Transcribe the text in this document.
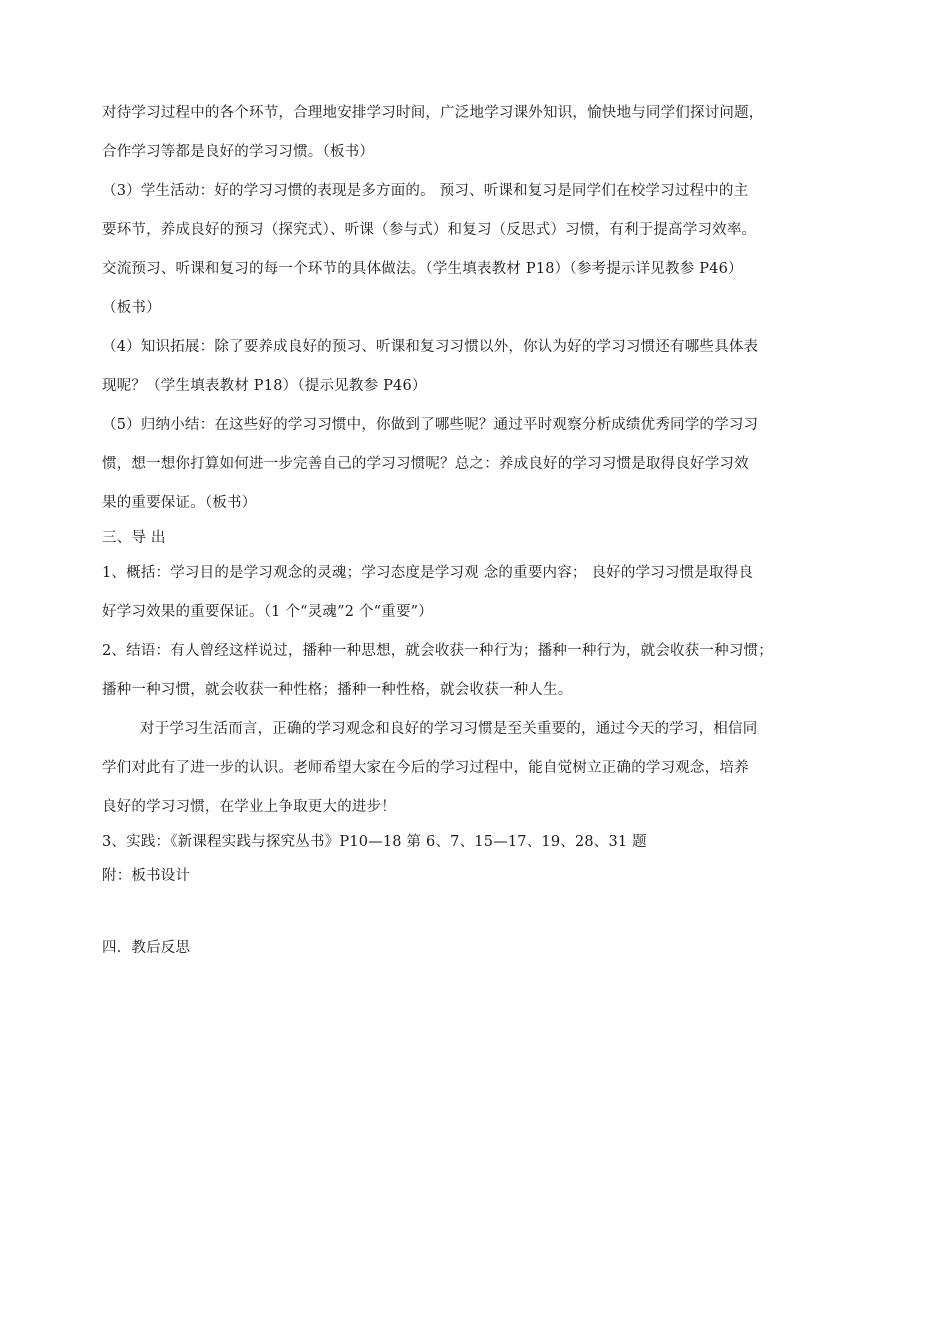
对待学习过程中的各个环节，合理地安排学习时间，广泛地学习课外知识，愉快地与同学们探讨问题，
合作学习等都是良好的学习习惯。（板书）
（3）学生活动：好的学习习惯的表现是多方面的。 预习、听课和复习是同学们在校学习过程中的主
要环节，养成良好的预习（探究式）、听课（参与式）和复习（反思式）习惯，有利于提高学习效率。
交流预习、听课和复习的每一个环节的具体做法。（学生填表教材 P18）（参考提示详见教参 P46）
（板书）
（4）知识拓展：除了要养成良好的预习、听课和复习习惯以外，你认为好的学习习惯还有哪些具体表
现呢？（学生填表教材 P18）（提示见教参 P46）
（5）归纳小结：在这些好的学习习惯中，你做到了哪些呢？通过平时观察分析成绩优秀同学的学习习
惯，想一想你打算如何进一步完善自己的学习习惯呢？总之：养成良好的学习习惯是取得良好学习效
果的重要保证。（板书）
三、导 出
1、概括：学习目的是学习观念的灵魂；学习态度是学习观 念的重要内容； 良好的学习习惯是取得良
好学习效果的重要保证。（1 个“灵魂”2 个“重要”）
2、结语：有人曾经这样说过，播种一种思想，就会收获一种行为；播种一种行为，就会收获一种习惯；
播种一种习惯，就会收获一种性格；播种一种性格，就会收获一种人生。
对于学习生活而言，正确的学习观念和良好的学习习惯是至关重要的，通过今天的学习，相信同
学们对此有了进一步的认识。老师希望大家在今后的学习过程中，能自觉树立正确的学习观念，培养
良好的学习习惯，在学业上争取更大的进步！
3、实践：《新课程实践与探究丛书》P10—18 第 6、7、15—17、19、28、31 题
附：板书设计
四．教后反思
